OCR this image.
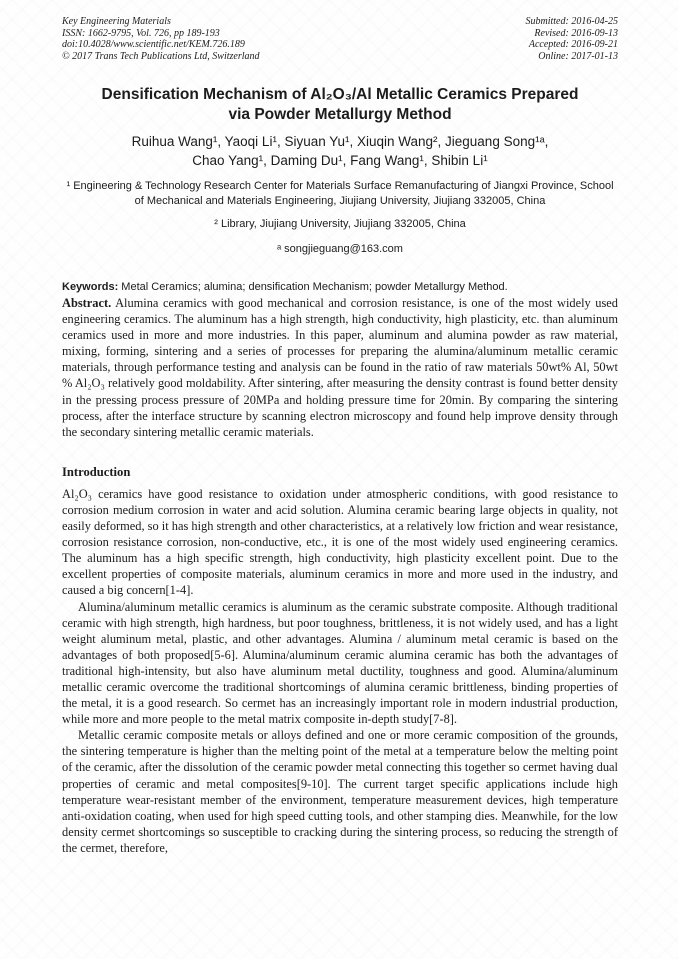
Key Engineering Materials
ISSN: 1662-9795, Vol. 726, pp 189-193
doi:10.4028/www.scientific.net/KEM.726.189
© 2017 Trans Tech Publications Ltd, Switzerland
Submitted: 2016-04-25
Revised: 2016-09-13
Accepted: 2016-09-21
Online: 2017-01-13
Densification Mechanism of Al₂O₃/Al Metallic Ceramics Prepared via Powder Metallurgy Method
Ruihua Wang¹, Yaoqi Li¹, Siyuan Yu¹, Xiuqin Wang², Jieguang Song¹ᵃ,
Chao Yang¹, Daming Du¹, Fang Wang¹, Shibin Li¹
¹ Engineering & Technology Research Center for Materials Surface Remanufacturing of Jiangxi Province, School of Mechanical and Materials Engineering, Jiujiang University, Jiujiang 332005, China
² Library, Jiujiang University, Jiujiang 332005, China
ᵃ songjieguang@163.com
Keywords: Metal Ceramics; alumina; densification Mechanism; powder Metallurgy Method.

Abstract. Alumina ceramics with good mechanical and corrosion resistance, is one of the most widely used engineering ceramics. The aluminum has a high strength, high conductivity, high plasticity, etc. than aluminum ceramics used in more and more industries. In this paper, aluminum and alumina powder as raw material, mixing, forming, sintering and a series of processes for preparing the alumina/aluminum metallic ceramic materials, through performance testing and analysis can be found in the ratio of raw materials 50wt% Al, 50wt % Al₂O₃ relatively good moldability. After sintering, after measuring the density contrast is found better density in the pressing process pressure of 20MPa and holding pressure time for 20min. By comparing the sintering process, after the interface structure by scanning electron microscopy and found help improve density through the secondary sintering metallic ceramic materials.

Introduction

Al₂O₃ ceramics have good resistance to oxidation under atmospheric conditions, with good resistance to corrosion medium corrosion in water and acid solution. Alumina ceramic bearing large objects in quality, not easily deformed, so it has high strength and other characteristics, at a relatively low friction and wear resistance, corrosion resistance corrosion, non-conductive, etc., it is one of the most widely used engineering ceramics. The aluminum has a high specific strength, high conductivity, high plasticity excellent point. Due to the excellent properties of composite materials, aluminum ceramics in more and more used in the industry, and caused a big concern[1-4].

Alumina/aluminum metallic ceramics is aluminum as the ceramic substrate composite. Although traditional ceramic with high strength, high hardness, but poor toughness, brittleness, it is not widely used, and has a light weight aluminum metal, plastic, and other advantages. Alumina / aluminum metal ceramic is based on the advantages of both proposed[5-6]. Alumina/aluminum ceramic alumina ceramic has both the advantages of traditional high-intensity, but also have aluminum metal ductility, toughness and good. Alumina/aluminum metallic ceramic overcome the traditional shortcomings of alumina ceramic brittleness, binding properties of the metal, it is a good research. So cermet has an increasingly important role in modern industrial production, while more and more people to the metal matrix composite in-depth study[7-8].

Metallic ceramic composite metals or alloys defined and one or more ceramic composition of the grounds, the sintering temperature is higher than the melting point of the metal at a temperature below the melting point of the ceramic, after the dissolution of the ceramic powder metal connecting this together so cermet having dual properties of ceramic and metal composites[9-10]. The current target specific applications include high temperature wear-resistant member of the environment, temperature measurement devices, high temperature anti-oxidation coating, when used for high speed cutting tools, and other stamping dies. Meanwhile, for the low density cermet shortcomings so susceptible to cracking during the sintering process, so reducing the strength of the cermet, therefore,
